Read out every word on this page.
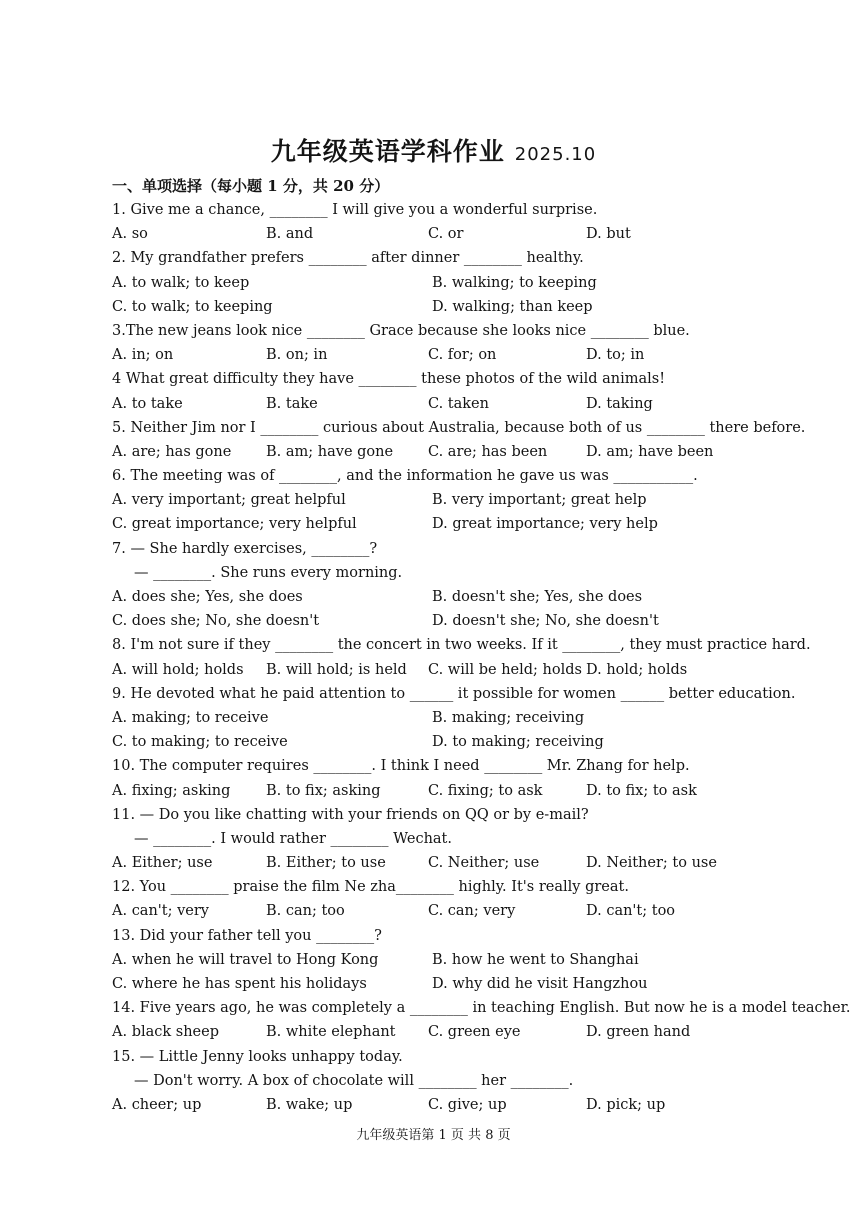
九年级英语学科作业 2025.10
一、单项选择（每小题 1 分，共 20 分）
1. Give me a chance, ________ I will give you a wonderful surprise.
A. so	B. and	C. or	D. but
2. My grandfather prefers ________ after dinner ________ healthy.
A. to walk; to keep	B. walking; to keeping
C. to walk; to keeping	D. walking; than keep
3.The new jeans look nice ________ Grace because she looks nice ________ blue.
A. in; on	B. on; in	C. for; on	D. to; in
4 What great difficulty they have ________ these photos of the wild animals!
A. to take	B. take	C. taken	D. taking
5. Neither Jim nor I ________ curious about Australia, because both of us ________ there before.
A. are; has gone	B. am; have gone	C. are; has been	D. am; have been
6. The meeting was of ________, and the information he gave us was ___________.
A. very important; great helpful	B. very important; great help
C. great importance; very helpful	D. great importance; very help
7. — She hardly exercises, ________?
— ________. She runs every morning.
A. does she; Yes, she does	B. doesn't she; Yes, she does
C. does she; No, she doesn't	D. doesn't she; No, she doesn't
8. I'm not sure if they ________ the concert in two weeks. If it ________, they must practice hard.
A. will hold; holds	B. will hold; is held	C. will be held; holds D. hold; holds
9. He devoted what he paid attention to ______ it possible for women ______ better education.
A. making; to receive	B. making; receiving
C. to making; to receive	D. to making; receiving
10. The computer requires ________. I think I need ________ Mr. Zhang for help.
A. fixing; asking	B. to fix; asking	C. fixing; to ask	D. to fix; to ask
11. — Do you like chatting with your friends on QQ or by e-mail?
— ________. I would rather ________ Wechat.
A. Either; use	B. Either; to use	C. Neither; use	D. Neither; to use
12. You ________ praise the film Ne zha________ highly. It's really great.
A. can't; very	B. can; too	C. can; very	D. can't; too
13. Did your father tell you ________?
A. when he will travel to Hong Kong	B. how he went to Shanghai
C. where he has spent his holidays	D. why did he visit Hangzhou
14. Five years ago, he was completely a ________ in teaching English. But now he is a model teacher.
A. black sheep	B. white elephant	C. green eye	D. green hand
15. — Little Jenny looks unhappy today.
— Don't worry. A box of chocolate will ________ her ________.
A. cheer; up	B. wake; up	C. give; up	D. pick; up
九年级英语第 1 页 共 8 页
